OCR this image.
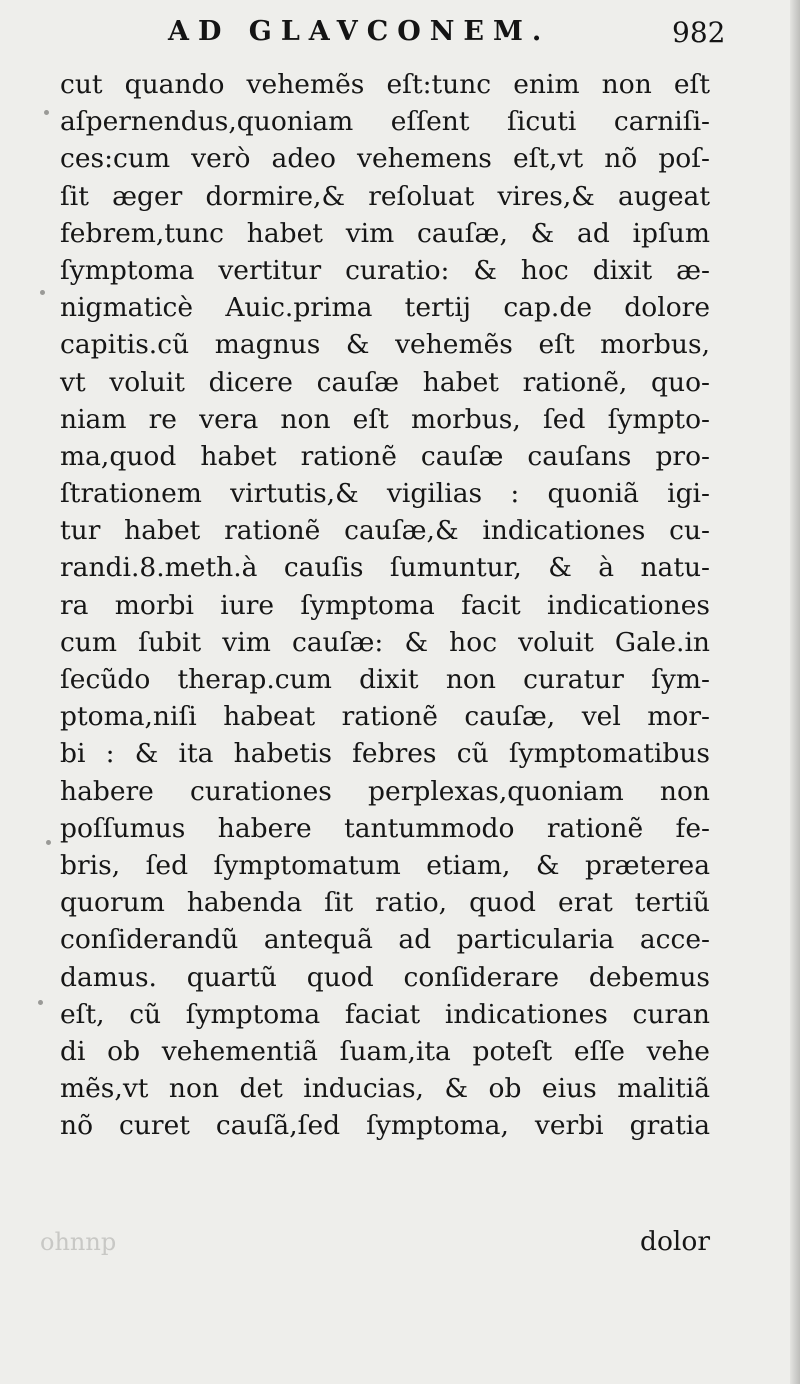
AD GLAVCONEM.	982
cut quando vehemẽs eſt:tunc enim non eſt
aſpernendus,quoniam eſſent ſicuti carniſi-
ces:cum verò adeo vehemens eſt,vt nõ poſ-
ſit æger dormire,& reſoluat vires,& augeat
febrem,tunc habet vim cauſæ, & ad ipſum
ſymptoma vertitur curatio: & hoc dixit æ-
nigmaticè Auic.prima tertij cap.de dolore
capitis.cũ magnus & vehemẽs eſt morbus,
vt voluit dicere cauſæ habet rationẽ, quo-
niam re vera non eſt morbus, ſed ſympto-
ma,quod habet rationẽ cauſæ cauſans pro-
ſtrationem virtutis,& vigilias : quoniã igi-
tur habet rationẽ cauſæ,& indicationes cu-
randi.8.meth.à cauſis ſumuntur, & à natu-
ra morbi iure ſymptoma facit indicationes
cum ſubit vim cauſæ: & hoc voluit Gale.in
ſecũdo therap.cum dixit non curatur ſym-
ptoma,niſi habeat rationẽ cauſæ, vel mor-
bi : & ita habetis febres cũ ſymptomatibus
habere curationes perplexas,quoniam non
poſſumus habere tantummodo rationẽ fe-
bris, ſed ſymptomatum etiam, & præterea
quorum habenda ſit ratio, quod erat tertiũ
conſiderandũ antequã ad particularia acce-
damus. quartũ quod conſiderare debemus
eſt, cũ ſymptoma faciat indicationes curan
di ob vehementiã ſuam,ita poteſt eſſe vehe
mẽs,vt non det inducias, & ob eius malitiã
nõ curet cauſã,ſed ſymptoma, verbi gratia
ohnnp	dolor
